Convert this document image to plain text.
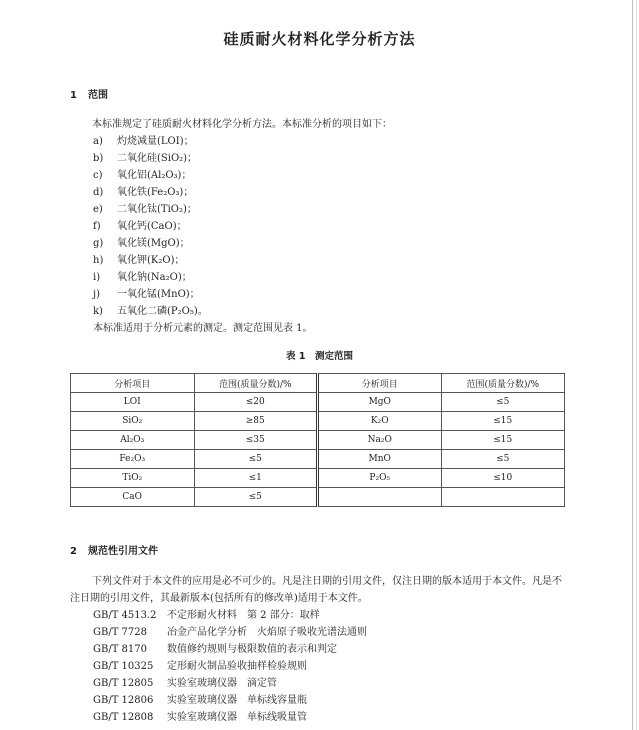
硅质耐火材料化学分析方法
1 范围
本标准规定了硅质耐火材料化学分析方法。本标准分析的项目如下：
a) 灼烧减量(LOI)；
b) 二氧化硅(SiO₂)；
c) 氧化铝(Al₂O₃)；
d) 氧化铁(Fe₂O₃)；
e) 二氧化钛(TiO₂)；
f) 氧化钙(CaO)；
g) 氧化镁(MgO)；
h) 氧化钾(K₂O)；
i) 氧化钠(Na₂O)；
j) 一氧化锰(MnO)；
k) 五氧化二磷(P₂O₅)。
本标准适用于分析元素的测定。测定范围见表 1。
表 1　测定范围
分析项目	范围(质量分数)/%	分析项目	范围(质量分数)/%
LOI	≤20	MgO	≤5
SiO₂	≥85	K₂O	≤15
Al₂O₃	≤35	Na₂O	≤15
Fe₂O₃	≤5	MnO	≤5
TiO₂	≤1	P₂O₅	≤10
CaO	≤5		
2 规范性引用文件
下列文件对于本文件的应用是必不可少的。凡是注日期的引用文件，仅注日期的版本适用于本文件。凡是不注日期的引用文件，其最新版本(包括所有的修改单)适用于本文件。
GB/T 4513.2 不定形耐火材料　第 2 部分：取样
GB/T 7728 冶金产品化学分析　火焰原子吸收光谱法通则
GB/T 8170 数值修约规则与极限数值的表示和判定
GB/T 10325 定形耐火制品验收抽样检验规则
GB/T 12805 实验室玻璃仪器　滴定管
GB/T 12806 实验室玻璃仪器　单标线容量瓶
GB/T 12808 实验室玻璃仪器　单标线吸量管
